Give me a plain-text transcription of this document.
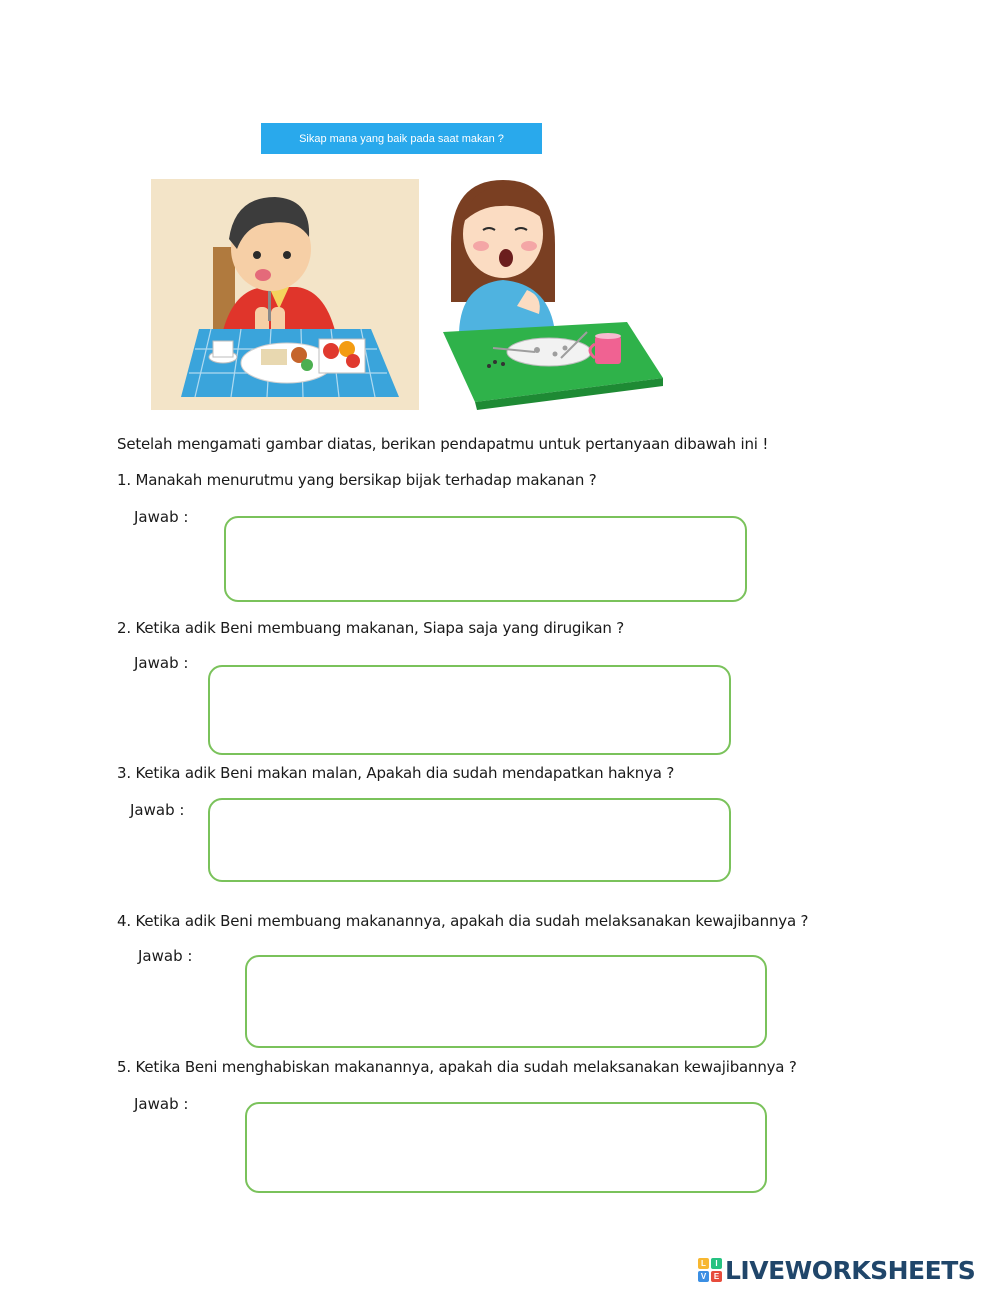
Sikap mana yang baik pada saat makan ?
Setelah mengamati gambar diatas, berikan pendapatmu untuk pertanyaan dibawah ini !
1. Manakah menurutmu yang bersikap bijak terhadap makanan ?
Jawab :
2. Ketika adik Beni membuang makanan, Siapa saja yang dirugikan ?
Jawab :
3. Ketika adik Beni makan malan, Apakah dia sudah mendapatkan haknya ?
Jawab :
4. Ketika adik Beni membuang makanannya, apakah dia sudah melaksanakan kewajibannya ?
Jawab :
5. Ketika Beni menghabiskan makanannya, apakah dia sudah melaksanakan kewajibannya ?
Jawab :
L	I
V E LIVEWORKSHEETS
